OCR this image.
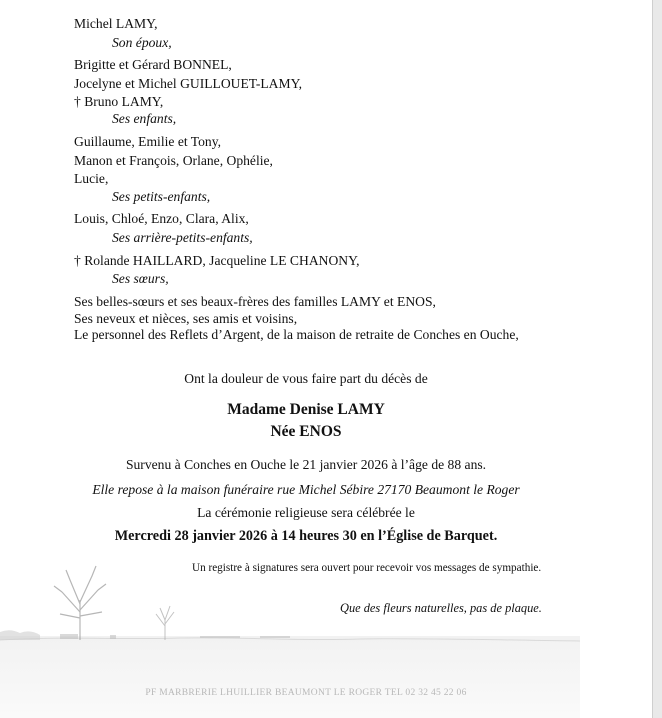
Michel LAMY,
Son époux,
Brigitte et Gérard BONNEL,
Jocelyne et Michel GUILLOUET-LAMY,
† Bruno LAMY,
Ses enfants,
Guillaume, Emilie et Tony,
Manon et François, Orlane, Ophélie,
Lucie,
Ses petits-enfants,
Louis, Chloé, Enzo, Clara, Alix,
Ses arrière-petits-enfants,
† Rolande HAILLARD, Jacqueline LE CHANONY,
Ses sœurs,
Ses belles-sœurs et ses beaux-frères des familles LAMY et ENOS,
Ses neveux et nièces, ses amis et voisins,
Le personnel des Reflets d’Argent, de la maison de retraite de Conches en Ouche,
Ont la douleur de vous faire part du décès de
Madame Denise LAMY
Née ENOS
Survenu à Conches en Ouche le 21 janvier 2026 à l’âge de 88 ans.
Elle repose à la maison funéraire rue Michel Sébire 27170 Beaumont le Roger
La cérémonie religieuse sera célébrée le
Mercredi 28 janvier 2026 à 14 heures 30 en l’Église de Barquet.
Un registre à signatures sera ouvert pour recevoir vos messages de sympathie.
Que des fleurs naturelles, pas de plaque.
PF MARBRERIE LHUILLIER BEAUMONT LE ROGER TEL 02 32 45 22 06
